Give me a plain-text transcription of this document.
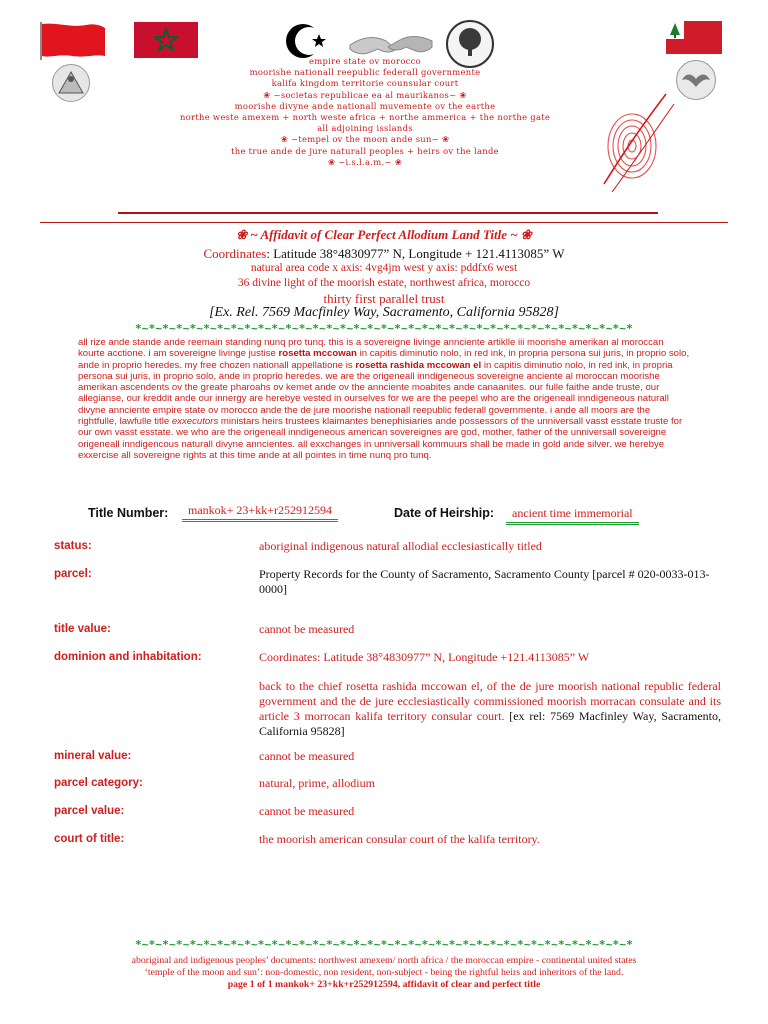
empire state ov morocco
moorishe nationall reepublic federall governmente
kalifa kingdom territorie counsular court
❀ ~societas republicae ea al maurikanos~ ❀
moorishe divyne ande nationall muvemente ov the earthe
northe weste amexem + north weste africa + northe ammerica + the northe gate
all adjoining isslands
❀ ~tempel ov the moon ande sun~ ❀
the true ande de jure naturall peoples + heirs ov the lande
❀ ~i.s.l.a.m.~ ❀
❀ ~ Affidavit of Clear Perfect Allodium Land Title ~ ❀
Coordinates: Latitude 38°4830977” N, Longitude + 121.4113085” W
natural area code x axis: 4vg4jm west y axis: pddfx6 west
36 divine light of the moorish estate, northwest africa, morocco
thirty first parallel trust
[Ex. Rel. 7569 Macfinley Way, Sacramento, California 95828]
*~*~*~*~*~*~*~*~*~*~*~*~*~*~*~*~*~*~*~*~*~*~*~*~*~*~*~*~*~*~*~*~*~*~*~*~*
all rize ande stande ande reemain standing nunq pro tunq. this is a sovereigne livinge annciente artiklle iii moorishe amerikan al moroccan kourte acctione. i am sovereigne livinge justise rosetta mccowan in capitis diminutio nolo, in red ink, in propria persona sui juris, in proprio solo, ande in proprio heredes. my free chozen nationall appellatione is rosetta rashida mccowan el in capitis diminutio nolo, in red ink, in propria persona sui juris, in proprio solo, ande in proprio heredes. we are the origeneall inndigeneous sovereigne anciente al moroccan moorishe amerikan ascendents ov the greate pharoahs ov kemet ande ov the annciente moabites ande canaanites. our fulle faithe ande truste, our allegianse, our kreddit ande our innergy are herebye vested in ourselves for we are the peepel who are the origeneall inndigeneous naturall divyne annciente empire state ov morocco ande the de jure moorishe nationall reepublic federall governmente. i ande all moors are the rightfulle, lawfulle title exxecutors ministars heirs trustees klaimantes benephisiaries ande possessors of the unniversall vasst esstate truste for our own vasst esstate. we who are the origeneall inndigeneous american sovereignes are god, mother, father of the unniversall sovereigne origeneall inndigencous naturall divyne anncientes. all exxchanges in unniversall kommuurs shall be made in gold ande silver. we herebye exxercise all sovereigne rights at this time ande at all pointes in time nunq pro tunq.
Title Number:	mankok+ 23+kk+r252912594	Date of Heirship:	ancient time immemorial
status:	aboriginal indigenous natural allodial ecclesiastically titled
parcel:	Property Records for the County of Sacramento, Sacramento County [parcel # 020-0033-013-0000]
title value:	cannot be measured
dominion and inhabitation:	Coordinates: Latitude 38°4830977” N, Longitude +121.4113085” W
back to the chief rosetta rashida mccowan el, of the de jure moorish national republic federal government and the de jure ecclesiastically commissioned moorish morracan consulate and its article 3 morrocan kalifa territory consular court. [ex rel: 7569 Macfinley Way, Sacramento, California 95828]
mineral value:	cannot be measured
parcel category:	natural, prime, allodium
parcel value:	cannot be measured
court of title:	the moorish american consular court of the kalifa territory.
*~*~*~*~*~*~*~*~*~*~*~*~*~*~*~*~*~*~*~*~*~*~*~*~*~*~*~*~*~*~*~*~*~*~*~*~*
aboriginal and indigenous peoples’ documents: northwest amexem/ north africa / the moroccan empire - continental united states
‘temple of the moon and sun’: non-domestic, non resident, non-subject - being the rightful heirs and inheritors of the land.
page 1 of 1 mankok+ 23+kk+r252912594, affidavit of clear and perfect title
